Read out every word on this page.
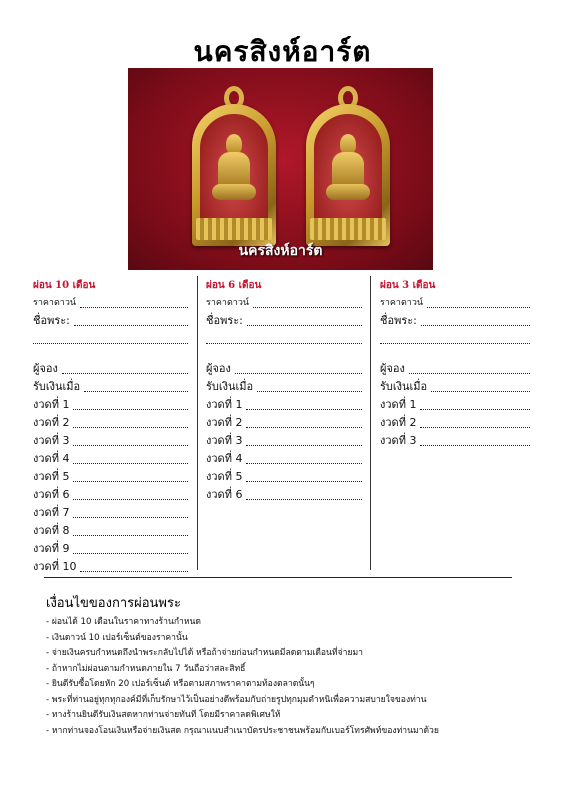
นครสิงห์อาร์ต
นครสิงห์อาร์ต
ผ่อน 10 เดือน
ราคาดาวน์
ชื่อพระ:
ผู้จอง
รับเงินเมื่อ
งวดที่ 1
งวดที่ 2
งวดที่ 3
งวดที่ 4
งวดที่ 5
งวดที่ 6
งวดที่ 7
งวดที่ 8
งวดที่ 9
งวดที่ 10
ผ่อน 6 เดือน
ราคาดาวน์
ชื่อพระ:
ผู้จอง
รับเงินเมื่อ
งวดที่ 1
งวดที่ 2
งวดที่ 3
งวดที่ 4
งวดที่ 5
งวดที่ 6
ผ่อน 3 เดือน
ราคาดาวน์
ชื่อพระ:
ผู้จอง
รับเงินเมื่อ
งวดที่ 1
งวดที่ 2
งวดที่ 3
เงื่อนไขของการผ่อนพระ
- ผ่อนได้ 10 เดือนในราคาทางร้านกำหนด
- เงินดาวน์ 10 เปอร์เซ็นต์ของราคานั้น
- จ่ายเงินครบกำหนดถึงนำพระกลับไปได้ หรือถ้าจ่ายก่อนกำหนดมีลดตามเดือนที่จ่ายมา
- ถ้าหากไม่ผ่อนตามกำหนดภายใน 7 วันถือว่าสละสิทธิ์
- ยินดีรับซื้อโดยหัก 20 เปอร์เซ็นต์ หรือตามสภาพราคาตามท้องตลาดนั้นๆ
- พระที่ท่านอยู่ทุกทุกองค์มีที่เก็บรักษาไว้เป็นอย่างดีพร้อมกับถ่ายรูปทุกมุมตำหนิเพื่อความสบายใจของท่าน
- ทางร้านยินดีรับเงินสดหากท่านจ่ายทันที โดยมีราคาลดพิเศษให้
- หากท่านจองโอนเงินหรือจ่ายเงินสด กรุณาแนบสำเนาบัตรประชาชนพร้อมกับเบอร์โทรศัพท์ของท่านมาด้วย
